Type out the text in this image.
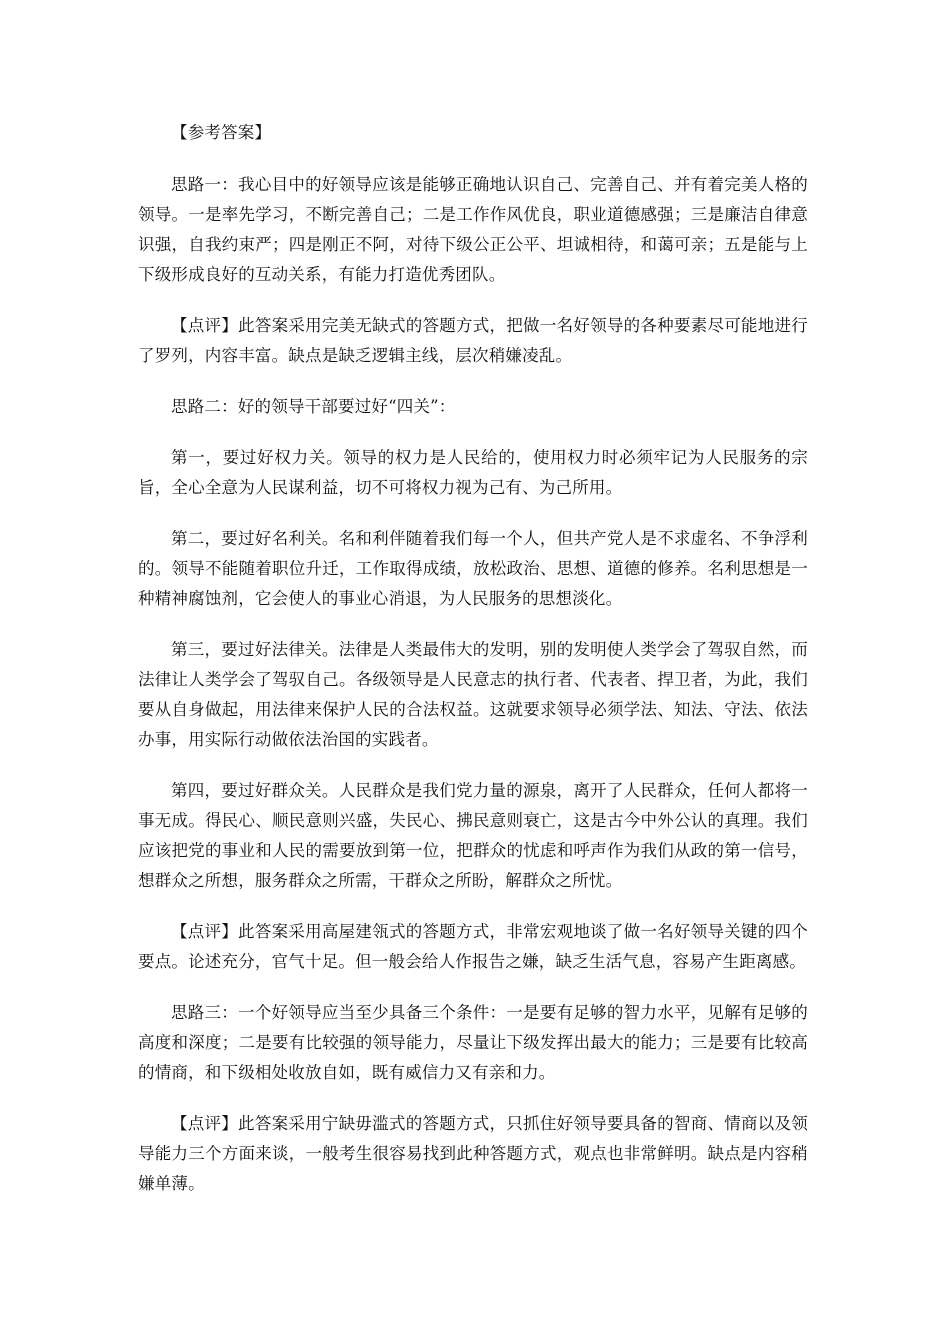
【参考答案】

思路一：我心目中的好领导应该是能够正确地认识自己、完善自己、并有着完美人格的领导。一是率先学习，不断完善自己；二是工作作风优良，职业道德感强；三是廉洁自律意识强，自我约束严；四是刚正不阿，对待下级公正公平、坦诚相待，和蔼可亲；五是能与上下级形成良好的互动关系，有能力打造优秀团队。

【点评】此答案采用完美无缺式的答题方式，把做一名好领导的各种要素尽可能地进行了罗列，内容丰富。缺点是缺乏逻辑主线，层次稍嫌凌乱。

思路二：好的领导干部要过好“四关”：

第一，要过好权力关。领导的权力是人民给的，使用权力时必须牢记为人民服务的宗旨，全心全意为人民谋利益，切不可将权力视为己有、为己所用。

第二，要过好名利关。名和利伴随着我们每一个人，但共产党人是不求虚名、不争浮利的。领导不能随着职位升迁，工作取得成绩，放松政治、思想、道德的修养。名利思想是一种精神腐蚀剂，它会使人的事业心消退，为人民服务的思想淡化。

第三，要过好法律关。法律是人类最伟大的发明，别的发明使人类学会了驾驭自然，而法律让人类学会了驾驭自己。各级领导是人民意志的执行者、代表者、捍卫者，为此，我们要从自身做起，用法律来保护人民的合法权益。这就要求领导必须学法、知法、守法、依法办事，用实际行动做依法治国的实践者。

第四，要过好群众关。人民群众是我们党力量的源泉，离开了人民群众，任何人都将一事无成。得民心、顺民意则兴盛，失民心、拂民意则衰亡，这是古今中外公认的真理。我们应该把党的事业和人民的需要放到第一位，把群众的忧虑和呼声作为我们从政的第一信号，想群众之所想，服务群众之所需，干群众之所盼，解群众之所忧。

【点评】此答案采用高屋建瓴式的答题方式，非常宏观地谈了做一名好领导关键的四个要点。论述充分，官气十足。但一般会给人作报告之嫌，缺乏生活气息，容易产生距离感。

思路三：一个好领导应当至少具备三个条件：一是要有足够的智力水平，见解有足够的高度和深度；二是要有比较强的领导能力，尽量让下级发挥出最大的能力；三是要有比较高的情商，和下级相处收放自如，既有威信力又有亲和力。

【点评】此答案采用宁缺毋滥式的答题方式，只抓住好领导要具备的智商、情商以及领导能力三个方面来谈，一般考生很容易找到此种答题方式，观点也非常鲜明。缺点是内容稍嫌单薄。
